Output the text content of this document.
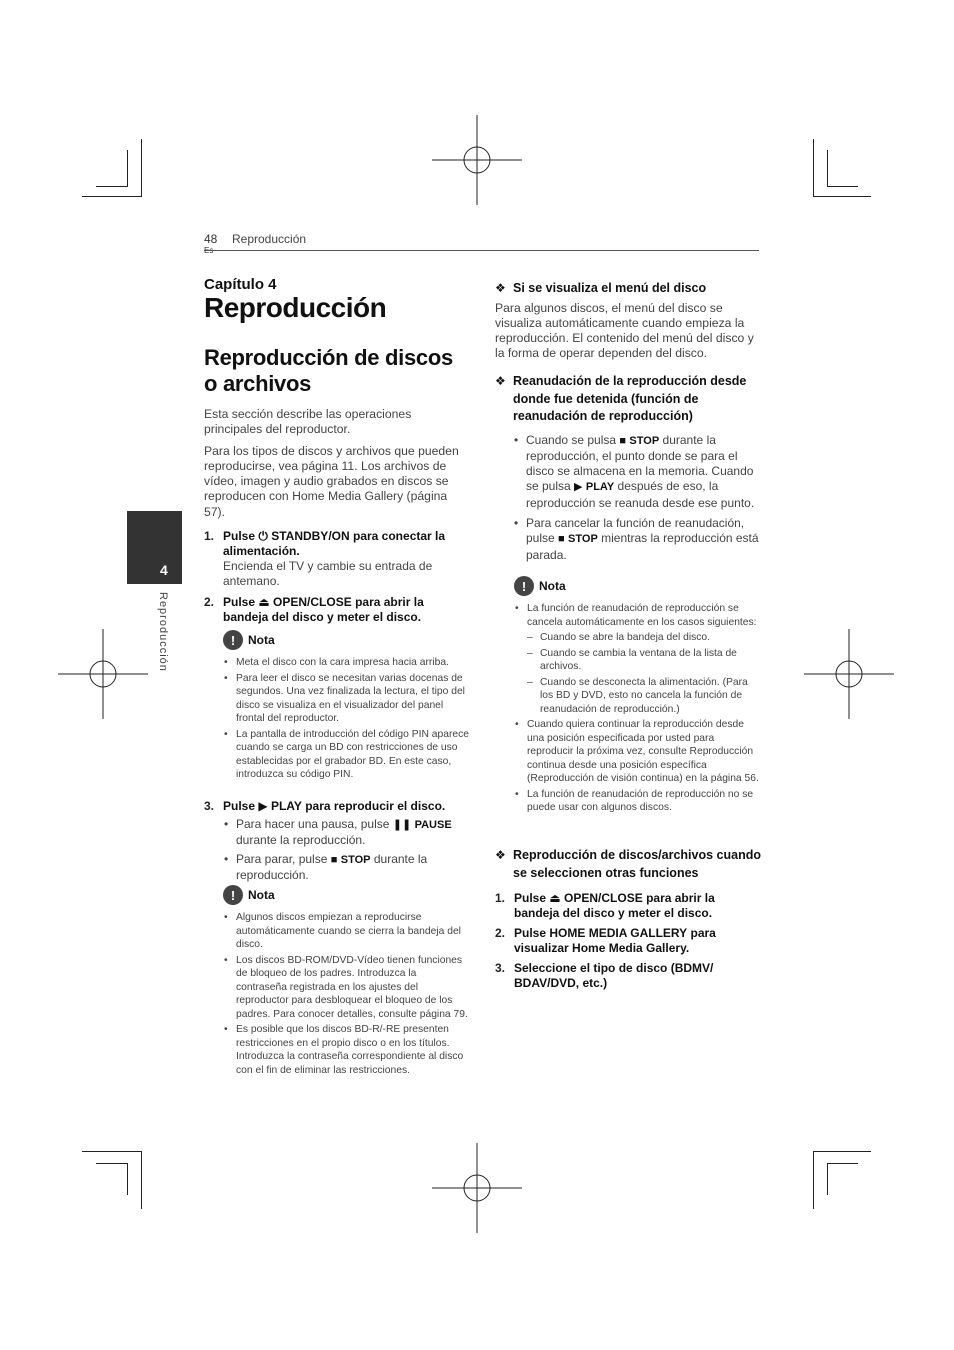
48 Reproducción
4
Reproducción
Capítulo 4
Reproducción
Reproducción de discos
o archivos

Esta sección describe las operaciones principales del reproductor.

Para los tipos de discos y archivos que pueden reproducirse, vea página 11. Los archivos de vídeo, imagen y audio grabados en discos se reproducen con Home Media Gallery (página 57).

1. Pulse ⏻ STANDBY/ON para conectar la alimentación.
Encienda el TV y cambie su entrada de antemano.
2. Pulse ⏏ OPEN/CLOSE para abrir la bandeja del disco y meter el disco.
!	Nota
• Meta el disco con la cara impresa hacia arriba.
• Para leer el disco se necesitan varias docenas de segundos. Una vez finalizada la lectura, el tipo del disco se visualiza en el visualizador del panel frontal del reproductor.
• La pantalla de introducción del código PIN aparece cuando se carga un BD con restricciones de uso establecidas por el grabador BD. En este caso, introduzca su código PIN.
3. Pulse ▶ PLAY para reproducir el disco.
• Para hacer una pausa, pulse ❚❚ PAUSE durante la reproducción.
• Para parar, pulse ■ STOP durante la reproducción.
!	Nota
• Algunos discos empiezan a reproducirse automáticamente cuando se cierra la bandeja del disco.
• Los discos BD-ROM/DVD-Vídeo tienen funciones de bloqueo de los padres. Introduzca la contraseña registrada en los ajustes del reproductor para desbloquear el bloqueo de los padres. Para conocer detalles, consulte página 79.
• Es posible que los discos BD-R/-RE presenten restricciones en el propio disco o en los títulos. Introduzca la contraseña correspondiente al disco con el fin de eliminar las restricciones.
❖ Si se visualiza el menú del disco

Para algunos discos, el menú del disco se visualiza automáticamente cuando empieza la reproducción. El contenido del menú del disco y la forma de operar dependen del disco.

❖ Reanudación de la reproducción desde donde fue detenida (función de reanudación de reproducción)
• Cuando se pulsa ■ STOP durante la reproducción, el punto donde se para el disco se almacena en la memoria. Cuando se pulsa ▶ PLAY después de eso, la reproducción se reanuda desde ese punto.
• Para cancelar la función de reanudación, pulse ■ STOP mientras la reproducción está parada.
!	Nota
• La función de reanudación de reproducción se cancela automáticamente en los casos siguientes:
– Cuando se abre la bandeja del disco.
– Cuando se cambia la ventana de la lista de archivos.
– Cuando se desconecta la alimentación. (Para los BD y DVD, esto no cancela la función de reanudación de reproducción.)
• Cuando quiera continuar la reproducción desde una posición especificada por usted para reproducir la próxima vez, consulte Reproducción continua desde una posición específica (Reproducción de visión continua) en la página 56.
• La función de reanudación de reproducción no se puede usar con algunos discos.
❖ Reproducción de discos/archivos cuando se seleccionen otras funciones
1. Pulse ⏏ OPEN/CLOSE para abrir la bandeja del disco y meter el disco.
2. Pulse HOME MEDIA GALLERY para visualizar Home Media Gallery.
3. Seleccione el tipo de disco (BDMV/ BDAV/DVD, etc.)
